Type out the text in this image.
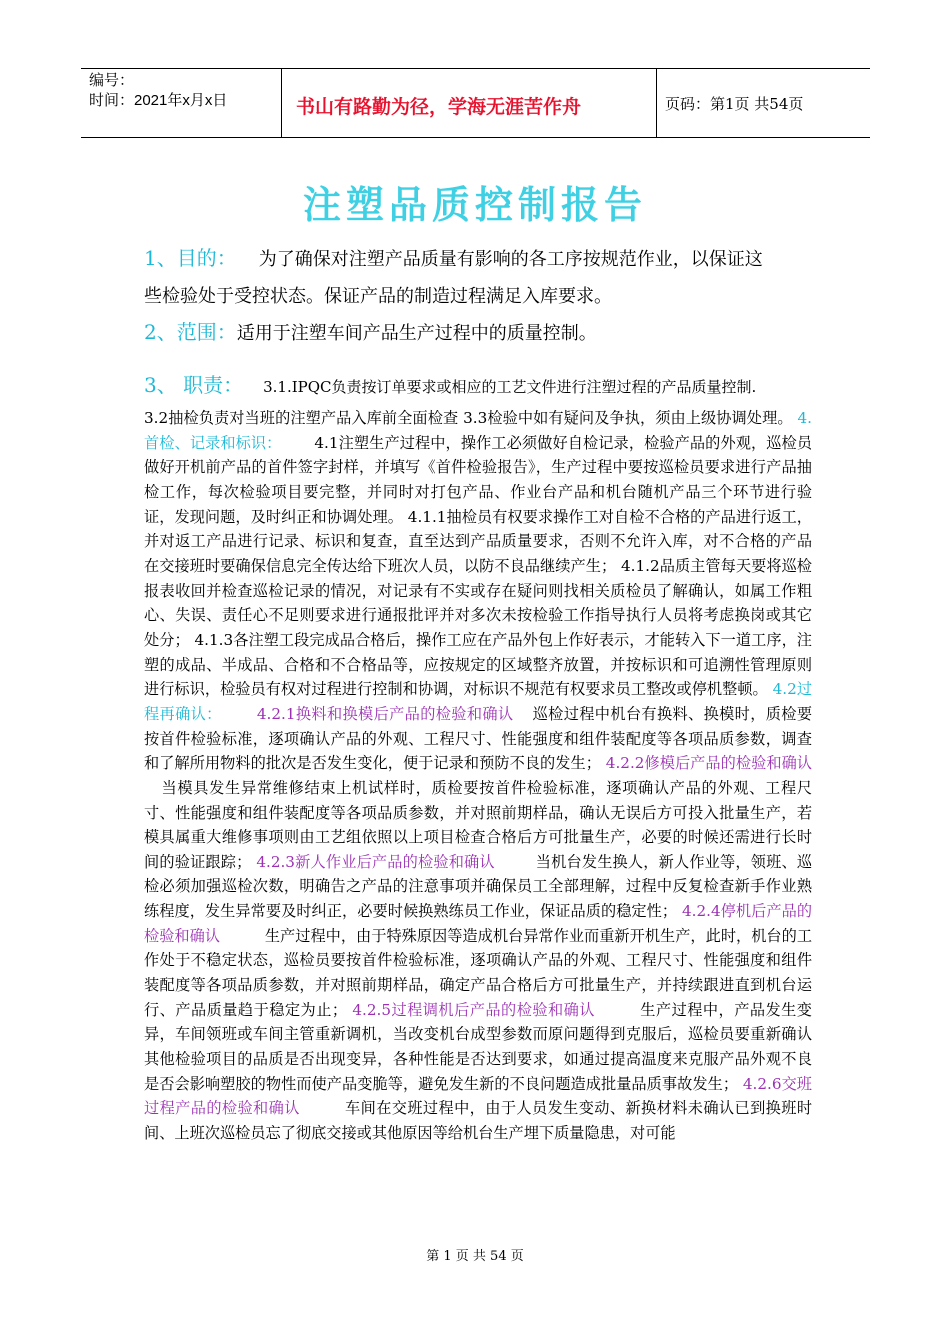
编号：
时间：2021年x月x日	书山有路勤为径，学海无涯苦作舟	页码：第1页 共54页
注塑品质控制报告
1、目的： 为了确保对注塑产品质量有影响的各工序按规范作业，以保证这
些检验处于受控状态。保证产品的制造过程满足入库要求。
2、范围：适用于注塑车间产品生产过程中的质量控制。
3、 职责： 3.1.IPQC负责按订单要求或相应的工艺文件进行注塑过程的产品质量控制.
3.2抽检负责对当班的注塑产品入库前全面检查 3.3检验中如有疑问及争执，须由上级协调处理。 4. 首检、记录和标识： 4.1注塑生产过程中，操作工必须做好自检记录，检验产品的外观，巡检员做好开机前产品的首件签字封样，并填写《首件检验报告》，生产过程中要按巡检员要求进行产品抽检工作，每次检验项目要完整，并同时对打包产品、作业台产品和机台随机产品三个环节进行验证，发现问题，及时纠正和协调处理。 4.1.1抽检员有权要求操作工对自检不合格的产品进行返工，并对返工产品进行记录、标识和复查，直至达到产品质量要求，否则不允许入库，对不合格的产品在交接班时要确保信息完全传达给下班次人员，以防不良品继续产生； 4.1.2品质主管每天要将巡检报表收回并检查巡检记录的情况，对记录有不实或存在疑问则找相关质检员了解确认，如属工作粗心、失误、责任心不足则要求进行通报批评并对多次未按检验工作指导执行人员将考虑换岗或其它处分； 4.1.3各注塑工段完成品合格后，操作工应在产品外包上作好表示，才能转入下一道工序，注塑的成品、半成品、合格和不合格品等，应按规定的区域整齐放置，并按标识和可追溯性管理原则进行标识，检验员有权对过程进行控制和协调，对标识不规范有权要求员工整改或停机整顿。 4.2过程再确认： 4.2.1换料和换模后产品的检验和确认 巡检过程中机台有换料、换模时，质检要按首件检验标准，逐项确认产品的外观、工程尺寸、性能强度和组件装配度等各项品质参数，调查和了解所用物料的批次是否发生变化，便于记录和预防不良的发生； 4.2.2修模后产品的检验和确认 当模具发生异常维修结束上机试样时，质检要按首件检验标准，逐项确认产品的外观、工程尺寸、性能强度和组件装配度等各项品质参数，并对照前期样品，确认无误后方可投入批量生产，若模具属重大维修事项则由工艺组依照以上项目检查合格后方可批量生产，必要的时候还需进行长时间的验证跟踪； 4.2.3新人作业后产品的检验和确认	当机台发生换人，新人作业等，领班、巡检必须加强巡检次数，明确告之产品的注意事项并确保员工全部理解，过程中反复检查新手作业熟练程度，发生异常要及时纠正，必要时候换熟练员工作业，保证品质的稳定性； 4.2.4停机后产品的检验和确认	生产过程中，由于特殊原因等造成机台异常作业而重新开机生产，此时，机台的工作处于不稳定状态，巡检员要按首件检验标准，逐项确认产品的外观、工程尺寸、性能强度和组件装配度等各项品质参数，并对照前期样品，确定产品合格后方可批量生产，并持续跟进直到机台运行、产品质量趋于稳定为止； 4.2.5过程调机后产品的检验和确认	生产过程中，产品发生变异，车间领班或车间主管重新调机，当改变机台成型参数而原问题得到克服后，巡检员要重新确认其他检验项目的品质是否出现变异，各种性能是否达到要求，如通过提高温度来克服产品外观不良是否会影响塑胶的物性而使产品变脆等，避免发生新的不良问题造成批量品质事故发生； 4.2.6交班过程产品的检验和确认	车间在交班过程中，由于人员发生变动、新换材料未确认已到换班时间、上班次巡检员忘了彻底交接或其他原因等给机台生产埋下质量隐患，对可能
第 1 页 共 54 页
